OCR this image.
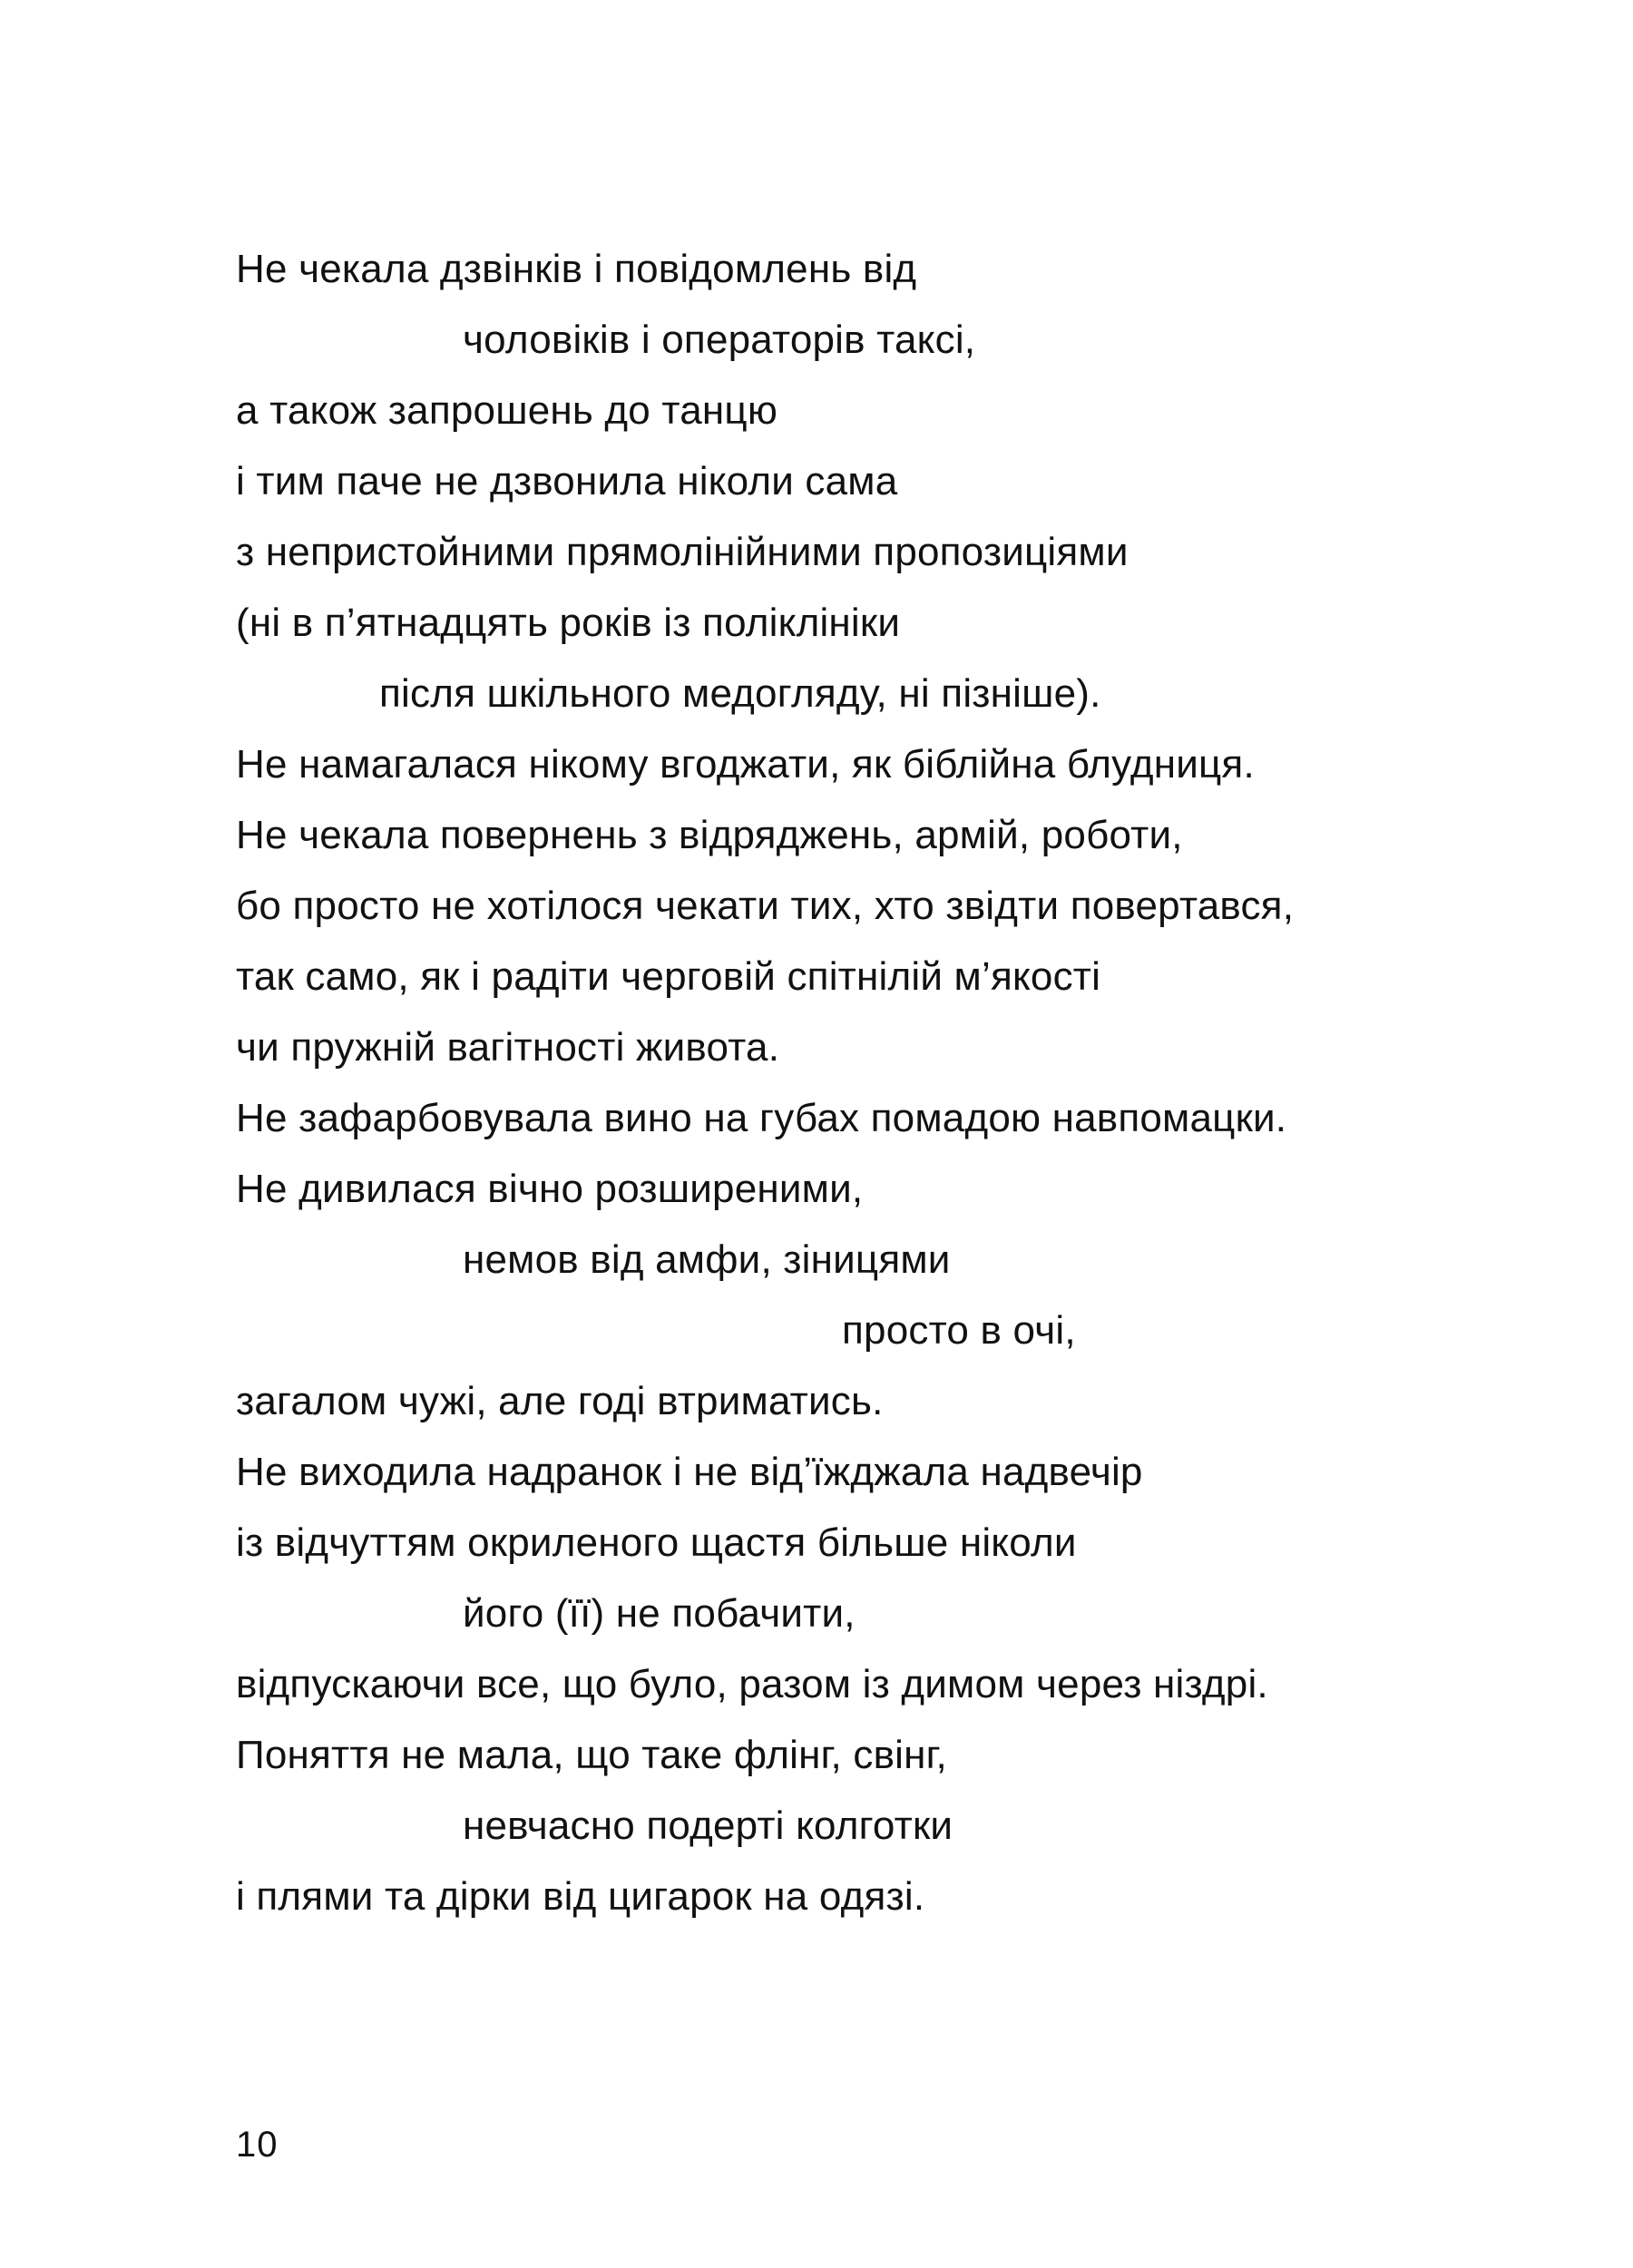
Не чекала дзвінків і повідомлень від
чоловіків і операторів таксі,
а також запрошень до танцю
і тим паче не дзвонила ніколи сама
з непристойними прямолінійними пропозиціями
(ні в п’ятнадцять років із поліклініки
після шкільного медогляду, ні пізніше).
Не намагалася нікому вгоджати, як біблійна блудниця.
Не чекала повернень з відряджень, армій, роботи,
бо просто не хотілося чекати тих, хто звідти повертався,
так само, як і радіти черговій спітнілій м’якості
чи пружній вагітності живота.
Не зафарбовувала вино на губах помадою навпомацки.
Не дивилася вічно розширеними,
немов від амфи, зіницями
просто в очі,
загалом чужі, але годі втриматись.
Не виходила надранок і не від’їжджала надвечір
із відчуттям окриленого щастя більше ніколи
його (її) не побачити,
відпускаючи все, що було, разом із димом через ніздрі.
Поняття не мала, що таке флінг, свінг,
невчасно подерті колготки
і плями та дірки від цигарок на одязі.
10
